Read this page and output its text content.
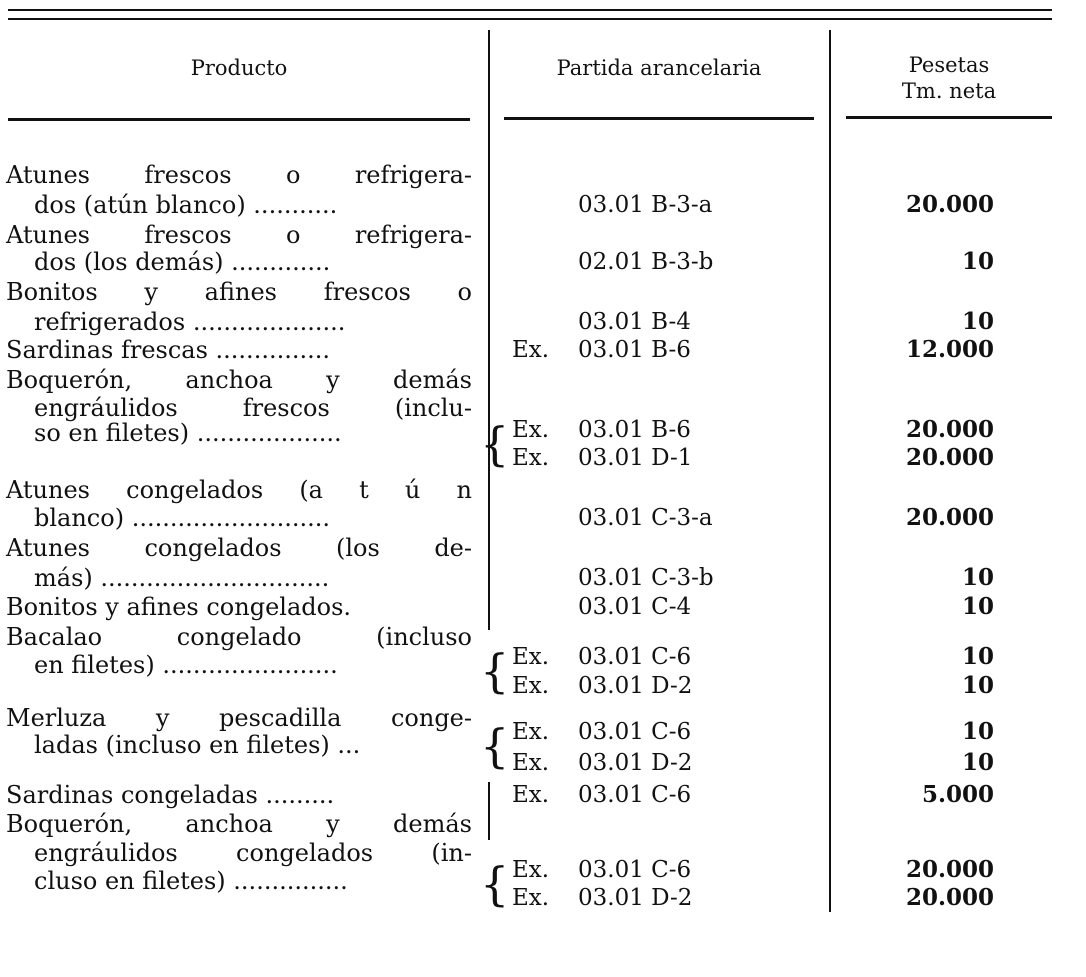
Producto	Partida arancelaria	Pesetas
Tm. neta
Atunes frescos o refrigera-
dos (atún blanco) ...........	03.01 B-3-a	20.000
Atunes frescos o refrigera-
dos (los demás) .............	02.01 B-3-b	10
Bonitos y afines frescos o
refrigerados ....................	03.01 B-4	10
Sardinas frescas ...............	Ex. 03.01 B-6	12.000
Boquerón, anchoa y demás
engráulidos frescos (inclu-
so en filetes) ...................	Ex. 03.01 B-6	20.000
Ex. 03.01 D-1	20.000
{
Atunes congelados (a t ú n
blanco) ..........................	03.01 C-3-a	20.000
Atunes congelados (los de-
más) ..............................	03.01 C-3-b	10
Bonitos y afines congelados.	03.01 C-4	10
Bacalao congelado (incluso
en filetes) .......................	Ex. 03.01 C-6	10
Ex. 03.01 D-2	10
{
Merluza y pescadilla conge-
ladas (incluso en filetes) ...	Ex. 03.01 C-6	10
Ex. 03.01 D-2	10
{
Sardinas congeladas .........	Ex. 03.01 C-6	5.000
Boquerón, anchoa y demás
engráulidos congelados (in-
cluso en filetes) ...............	Ex. 03.01 C-6	20.000
Ex. 03.01 D-2	20.000
{
